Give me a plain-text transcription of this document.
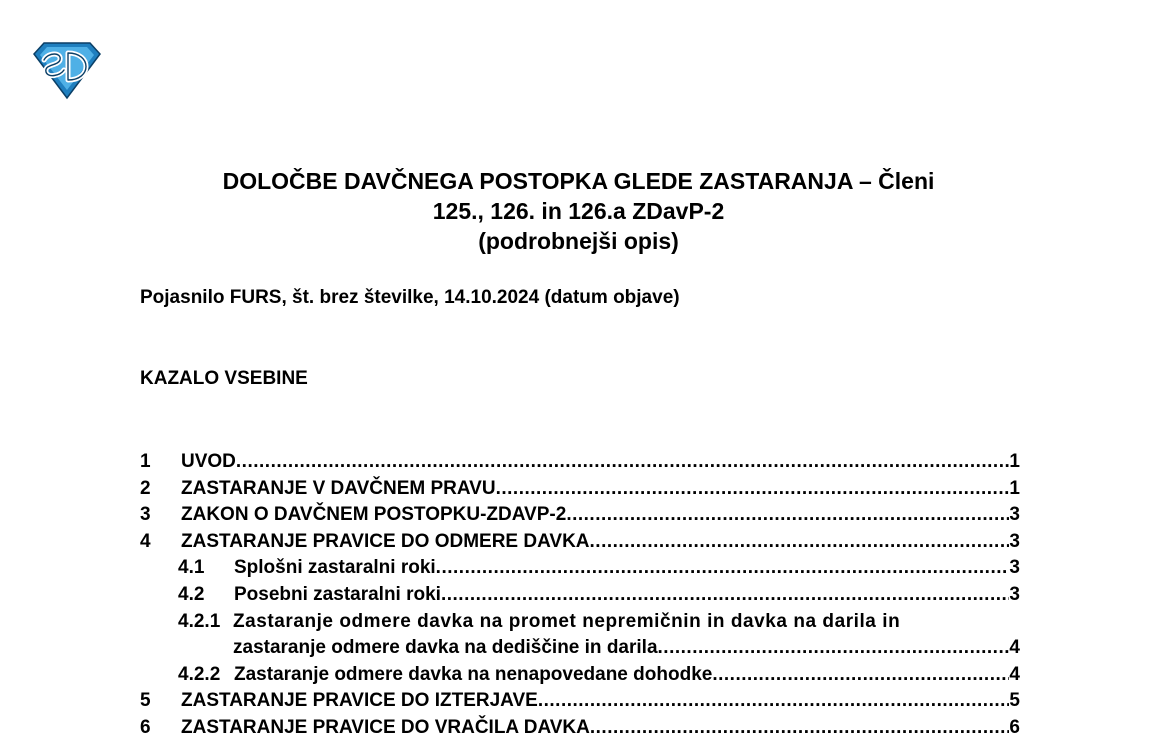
DOLOČBE DAVČNEGA POSTOPKA GLEDE ZASTARANJA – Členi
125., 126. in 126.a ZDavP-2
(podrobnejši opis)
Pojasnilo FURS, št. brez številke, 14.10.2024 (datum objave)
KAZALO VSEBINE
1	UVOD .....	1
2	ZASTARANJE V DAVČNEM PRAVU .....	1
3	ZAKON O DAVČNEM POSTOPKU-ZDAVP-2 .....	3
4	ZASTARANJE PRAVICE DO ODMERE DAVKA .....	3
4.1	Splošni zastaralni roki .....	3
4.2	Posebni zastaralni roki .....	3
4.2.1 Zastaranje odmere davka na promet nepremičnin in davka na darila in
zastaranje odmere davka na dediščine in darila .....	4
4.2.2 Zastaranje odmere davka na nenapovedane dohodke .....	4
5	ZASTARANJE PRAVICE DO IZTERJAVE .....	5
6	ZASTARANJE PRAVICE DO VRAČILA DAVKA .....	6
